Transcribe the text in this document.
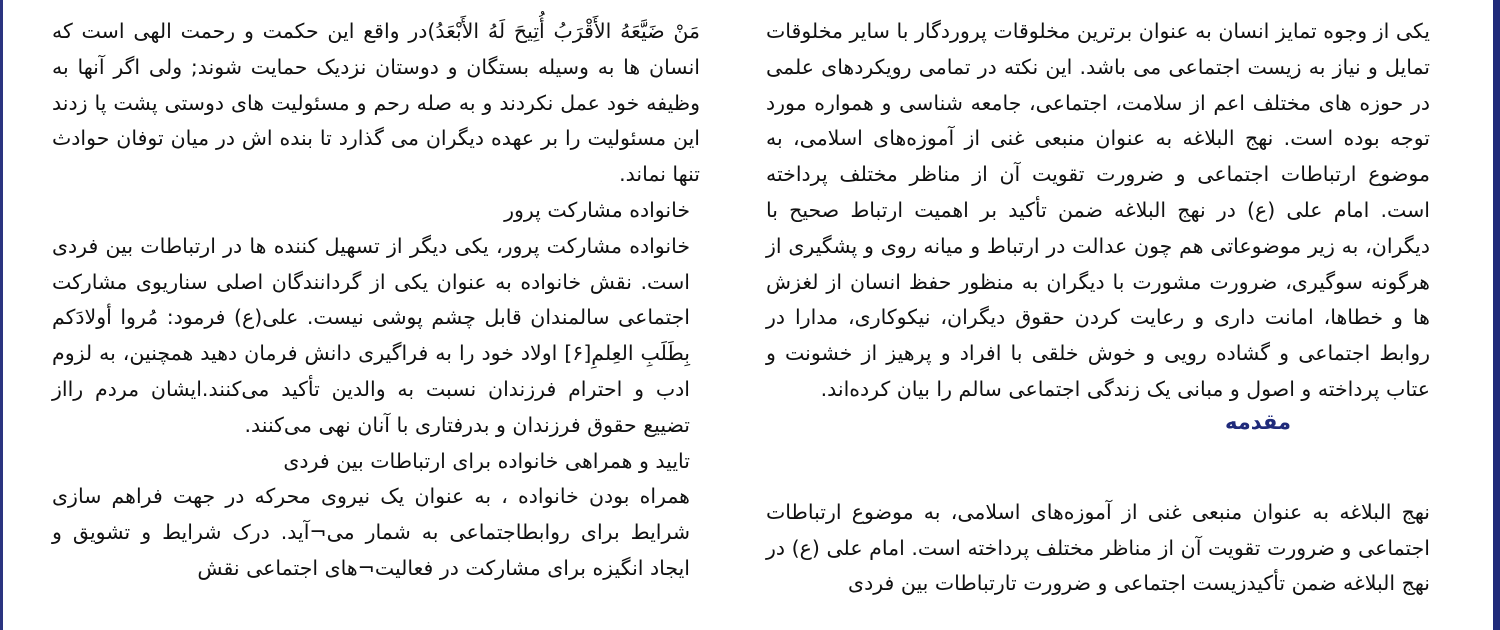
یکی از وجوه تمایز انسان به عنوان برترین مخلوقات پروردگار با سایر مخلوقات تمایل و نیاز به زیست اجتماعی می باشد. این نکته در تمامی رویکردهای علمی در حوزه های مختلف اعم از سلامت، اجتماعی، جامعه شناسی و همواره مورد توجه بوده است. نهج البلاغه به عنوان منبعی غنی از آموزه‌های اسلامی، به موضوع ارتباطات اجتماعی و ضرورت تقویت آن از مناظر مختلف پرداخته است. امام علی (ع) در نهج البلاغه ضمن تأکید بر اهمیت ارتباط صحیح با دیگران، به زیر موضوعاتی هم چون عدالت در ارتباط و میانه روی و پشگیری از هرگونه سوگیری، ضرورت مشورت با دیگران به منظور حفظ انسان از لغزش ها و خطاها، امانت داری و رعایت کردن حقوق دیگران، نیکوکاری، مدارا در روابط اجتماعی و گشاده رویی و خوش خلقی با افراد و پرهیز از خشونت و عتاب پرداخته و اصول و مبانی یک زندگی اجتماعی سالم را بیان کرده‌اند.

مقدمه

نهج البلاغه به عنوان منبعی غنی از آموزه‌های اسلامی، به موضوع ارتباطات اجتماعی و ضرورت تقویت آن از مناظر مختلف پرداخته است. امام علی (ع) در نهج البلاغه ضمن تأکیدزیست اجتماعی و ضرورت تارتباطات بین فردی

مَنْ ضَیَّعَهُ الأَقْرَبُ أُتِیحَ لَهُ الأَبْعَدُ)در واقع این حکمت و رحمت الهی است که انسان ها به وسیله بستگان و دوستان نزدیک حمایت شوند; ولی اگر آنها به وظیفه خود عمل نکردند و به صله رحم و مسئولیت های دوستی پشت پا زدند این مسئولیت را بر عهده دیگران می گذارد تا بنده اش در میان توفان حوادث تنها نماند.

خانواده مشارکت پرور

خانواده مشارکت پرور، یکی دیگر از تسهیل کننده ها در ارتباطات بین فردی است. نقش خانواده به عنوان یکی از گردانندگان اصلی سناریوی مشارکت اجتماعی سالمندان قابل چشم پوشی نیست. علی(ع) فرمود: مُروا أولادَکم بِطَلَبِ العِلمِ[۶] اولاد خود را به فراگیری دانش فرمان دهید همچنین، به لزوم ادب و احترام فرزندان نسبت به والدین تأکید می‌کنند.ایشان مردم رااز تضییع حقوق فرزندان و بدرفتاری با آنان نهی می‌کنند.

تایید و همراهی خانواده برای ارتباطات بین فردی

همراه بودن خانواده ، به عنوان یک نیروی محرکه در جهت فراهم سازی شرایط برای روابطاجتماعی به شمار می¬آید. درک شرایط و تشویق و ایجاد انگیزه برای مشارکت در فعالیت¬های اجتماعی نقش
